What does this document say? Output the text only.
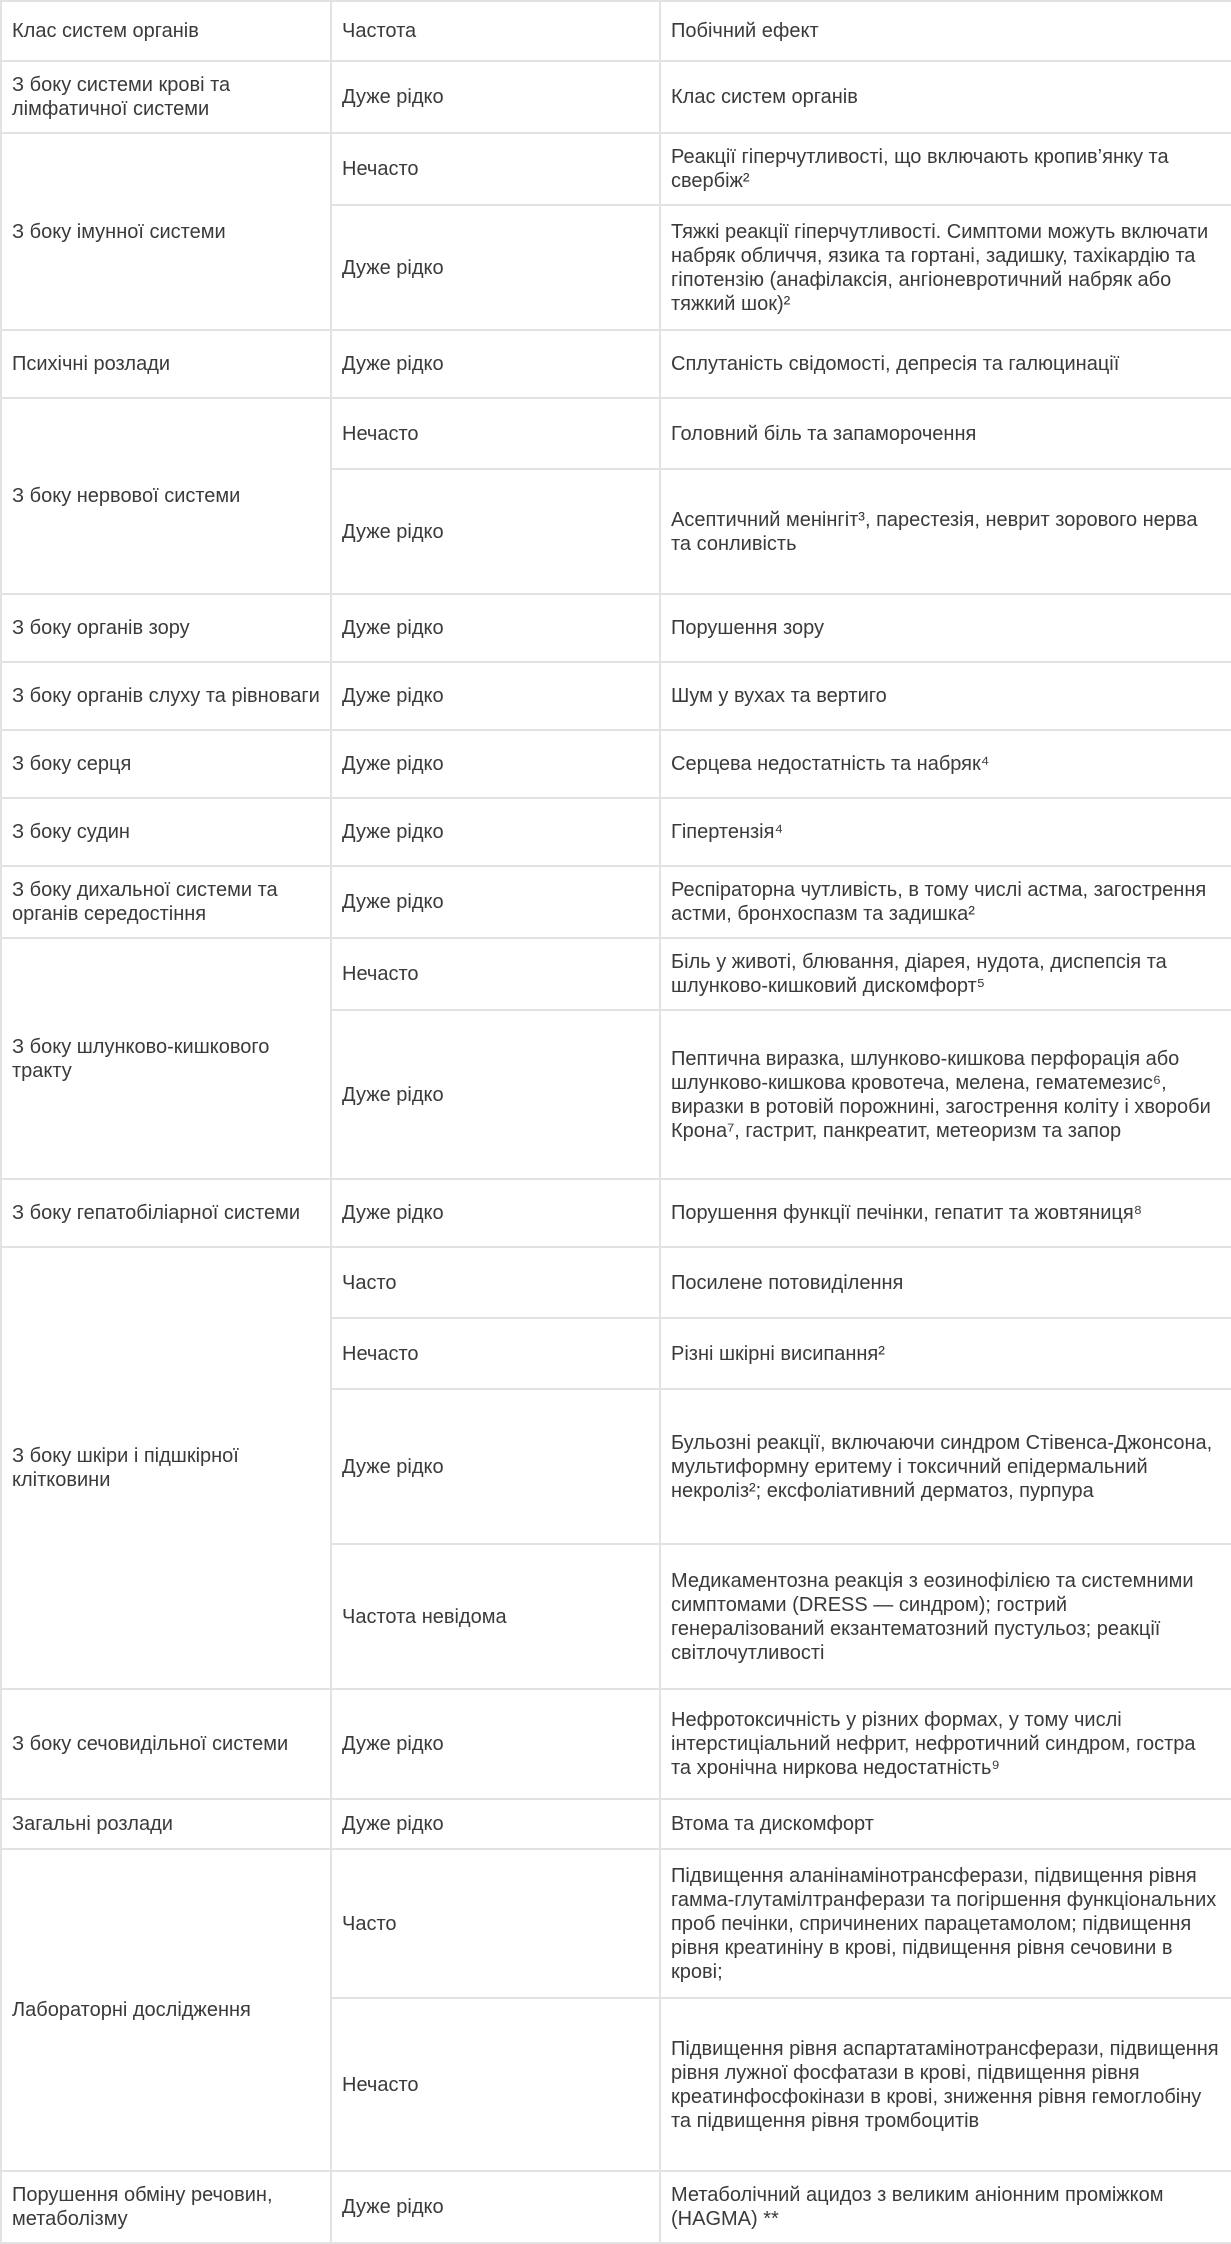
Клас систем органів	Частота	Побічний ефект
З боку системи крові та лімфатичної системи	Дуже рідко	Клас систем органів
З боку імунної системи	Нечасто	Реакції гіперчутливості, що включають кропив’янку та свербіж²
	Дуже рідко	Тяжкі реакції гіперчутливості. Симптоми можуть включати набряк обличчя, язика та гортані, задишку, тахікардію та гіпотензію (анафілаксія, ангіоневротичний набряк або тяжкий шок)²
Психічні розлади	Дуже рідко	Сплутаність свідомості, депресія та галюцинації
З боку нервової системи	Нечасто	Головний біль та запаморочення
	Дуже рідко	Асептичний менінгіт³, парестезія, неврит зорового нерва та сонливість
З боку органів зору	Дуже рідко	Порушення зору
З боку органів слуху та рівноваги	Дуже рідко	Шум у вухах та вертиго
З боку серця	Дуже рідко	Серцева недостатність та набряк⁴
З боку судин	Дуже рідко	Гіпертензія⁴
З боку дихальної системи та органів середостіння	Дуже рідко	Респіраторна чутливість, в тому числі астма, загострення астми, бронхоспазм та задишка²
З боку шлунково-кишкового тракту	Нечасто	Біль у животі, блювання, діарея, нудота, диспепсія та шлунково-кишковий дискомфорт⁵
	Дуже рідко	Пептична виразка, шлунково-кишкова перфорація або шлунково-кишкова кровотеча, мелена, гематемезис⁶, виразки в ротовій порожнині, загострення коліту і хвороби Крона⁷, гастрит, панкреатит, метеоризм та запор
З боку гепатобіліарної системи	Дуже рідко	Порушення функції печінки, гепатит та жовтяниця⁸
З боку шкіри і підшкірної клітковини	Часто	Посилене потовиділення
	Нечасто	Різні шкірні висипання²
	Дуже рідко	Бульозні реакції, включаючи синдром Стівенса-Джонсона, мультиформну еритему і токсичний епідермальний некроліз²; ексфоліативний дерматоз, пурпура
	Частота невідома	Медикаментозна реакція з еозинофілією та системними симптомами (DRESS — синдром); гострий генералізований екзантематозний пустульоз; реакції світлочутливості
З боку сечовидільної системи	Дуже рідко	Нефротоксичність у різних формах, у тому числі інтерстиціальний нефрит, нефротичний синдром, гостра та хронічна ниркова недостатність⁹
Загальні розлади	Дуже рідко	Втома та дискомфорт
Лабораторні дослідження	Часто	Підвищення аланінамінотрансферази, підвищення рівня гамма-глутамілтранферази та погіршення функціональних проб печінки, спричинених парацетамолом; підвищення рівня креатиніну в крові, підвищення рівня сечовини в крові;
	Нечасто	Підвищення рівня аспартатамінотрансферази, підвищення рівня лужної фосфатази в крові, підвищення рівня креатинфосфокінази в крові, зниження рівня гемоглобіну та підвищення рівня тромбоцитів
Порушення обміну речовин, метаболізму	Дуже рідко	Метаболічний ацидоз з великим аніонним проміжком (HAGMA) **
